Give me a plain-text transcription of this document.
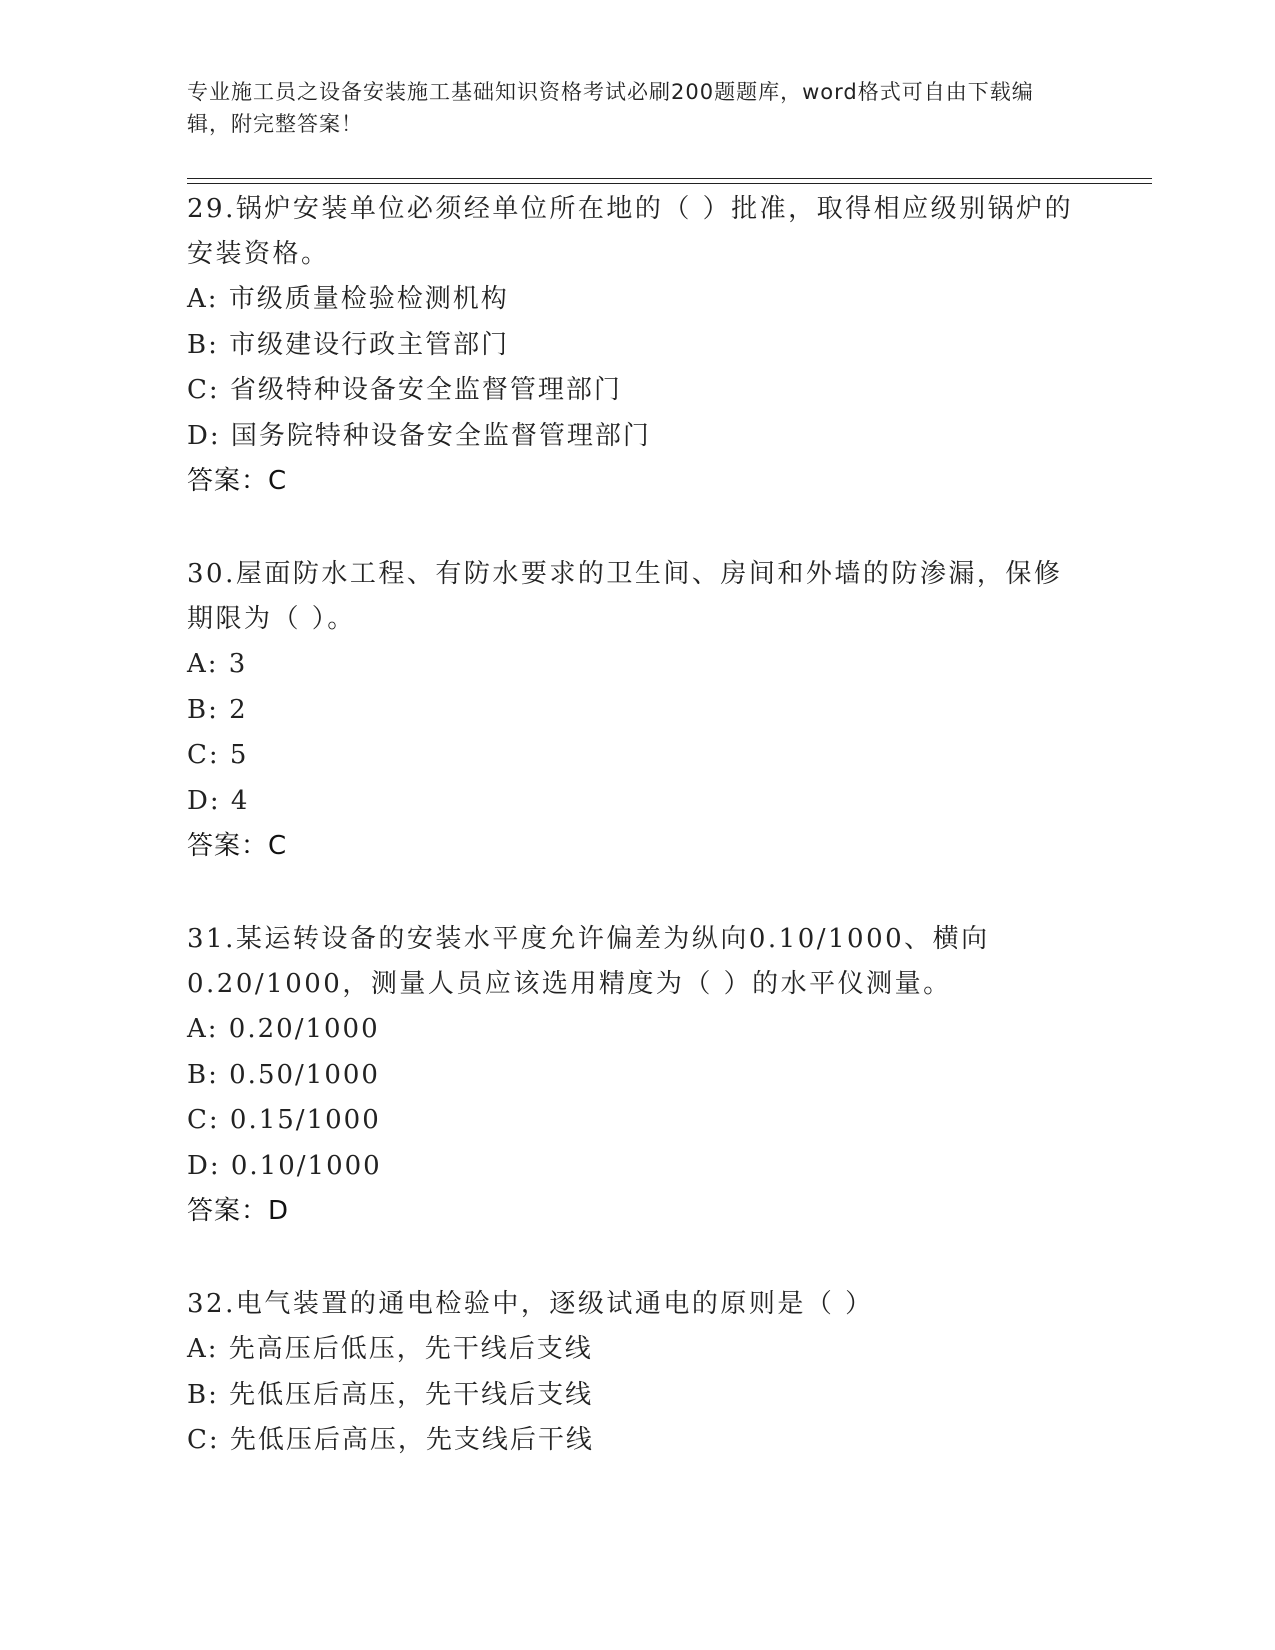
专业施工员之设备安装施工基础知识资格考试必刷200题题库，word格式可自由下载编辑，附完整答案！

29.锅炉安装单位必须经单位所在地的（ ）批准，取得相应级别锅炉的安装资格。

A: 市级质量检验检测机构

B: 市级建设行政主管部门

C: 省级特种设备安全监督管理部门

D: 国务院特种设备安全监督管理部门

答案：C

30.屋面防水工程、有防水要求的卫生间、房间和外墙的防渗漏，保修期限为（ ）。

A: 3

B: 2

C: 5

D: 4

答案：C

31.某运转设备的安装水平度允许偏差为纵向0.10/1000、横向0.20/1000，测量人员应该选用精度为（ ）的水平仪测量。

A: 0.20/1000

B: 0.50/1000

C: 0.15/1000

D: 0.10/1000

答案：D

32.电气装置的通电检验中，逐级试通电的原则是（ ）

A: 先高压后低压，先干线后支线

B: 先低压后高压，先干线后支线

C: 先低压后高压，先支线后干线
